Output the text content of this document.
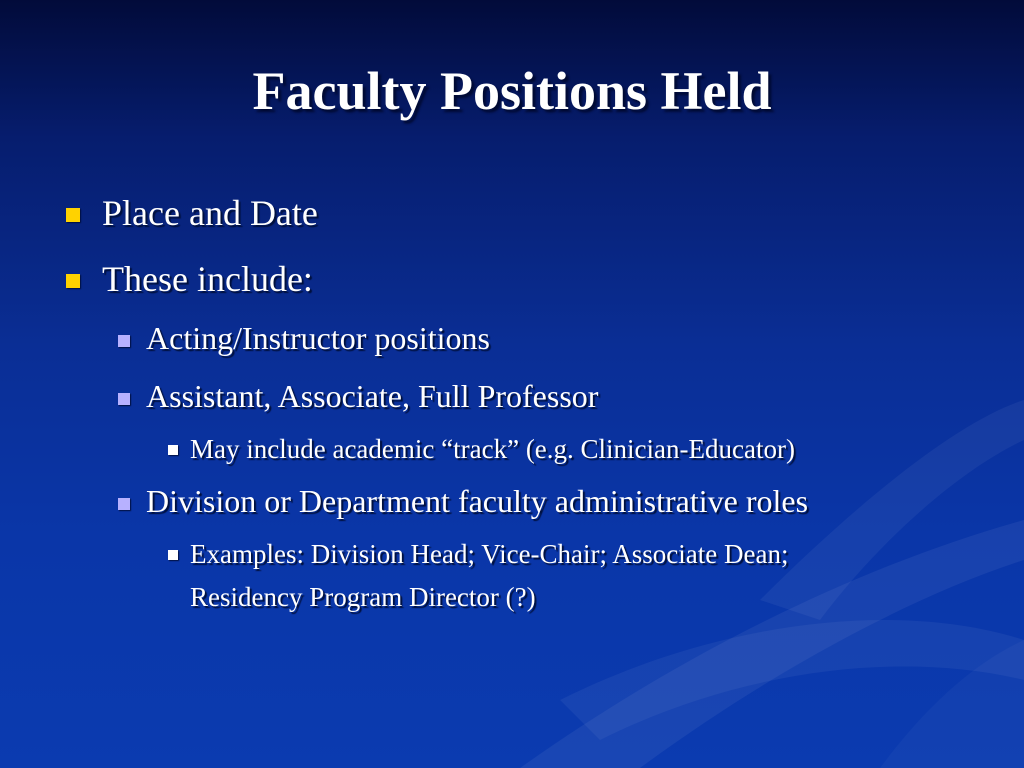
Faculty Positions Held
Place and Date
These include:
Acting/Instructor positions
Assistant, Associate, Full Professor
May include academic “track” (e.g. Clinician-Educator)
Division or Department faculty administrative roles
Examples: Division Head; Vice-Chair; Associate Dean;
Residency Program Director (?)
